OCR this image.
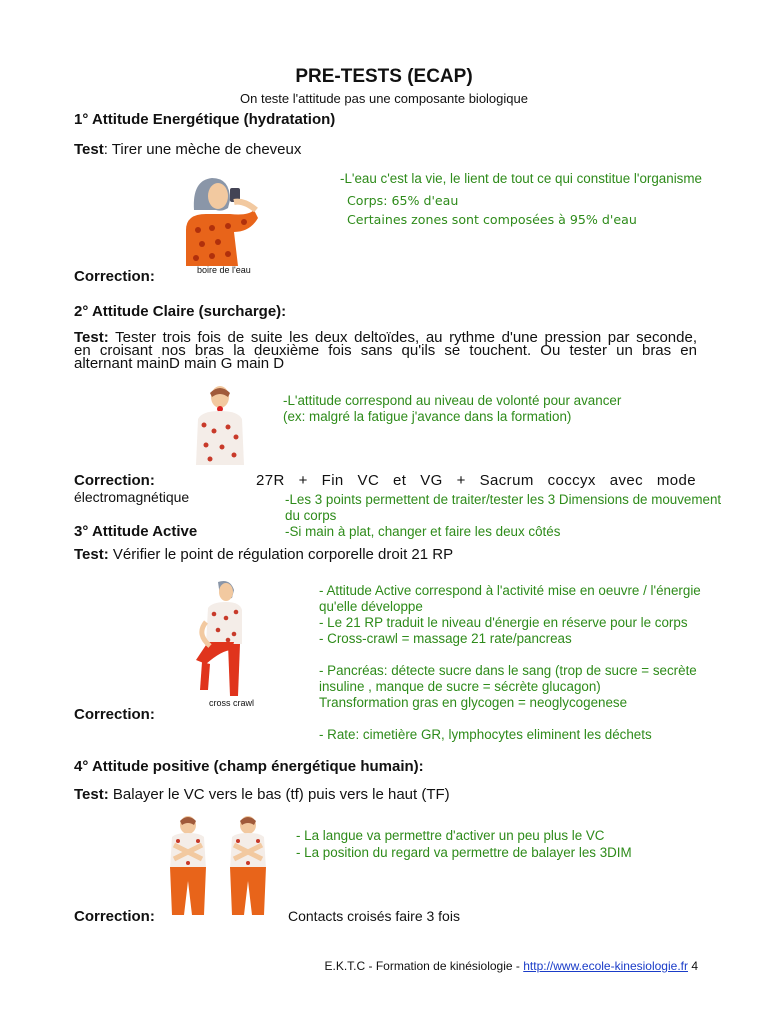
PRE-TESTS (ECAP)
On teste l'attitude pas une composante biologique
1° Attitude Energétique (hydratation)
Test: Tirer une mèche de cheveux
boire de l'eau
-L'eau c'est la vie, le lient de tout ce qui constitue l'organisme
Corps: 65% d'eau
Certaines zones sont composées à 95% d'eau
Correction:
2° Attitude Claire (surcharge):
Test: Tester trois fois de suite les deux deltoïdes, au rythme d'une pression par seconde,
en croisant nos bras la deuxième fois sans qu'ils se touchent. Ou tester un bras en
alternant mainD main G main D
-L'attitude correspond au niveau de volonté pour avancer
(ex: malgré la fatigue j'avance dans la formation)
Correction:	27R + Fin VC et VG + Sacrum coccyx avec mode
électromagnétique	-Les 3 points permettent de traiter/tester les 3 Dimensions de mouvement
du corps
3° Attitude Active	-Si main à plat, changer et faire les deux côtés
Test: Vérifier le point de régulation corporelle droit 21 RP
cross crawl
- Attitude Active correspond à l'activité mise en oeuvre / l'énergie
qu'elle développe
- Le 21 RP traduit le niveau d'énergie en réserve pour le corps
- Cross-crawl = massage 21 rate/pancreas
- Pancréas: détecte sucre dans le sang (trop de sucre = secrète
insuline , manque de sucre = sécrète glucagon)
Transformation gras en glycogen = neoglycogenese
Correction:
- Rate: cimetière GR, lymphocytes eliminent les déchets
4° Attitude positive (champ énergétique humain):
Test: Balayer le VC vers le bas (tf) puis vers le haut (TF)
- La langue va permettre d'activer un peu plus le VC
- La position du regard va permettre de balayer les 3DIM
Correction:	Contacts croisés faire 3 fois
E.K.T.C - Formation de kinésiologie - http://www.ecole-kinesiologie.fr 4
